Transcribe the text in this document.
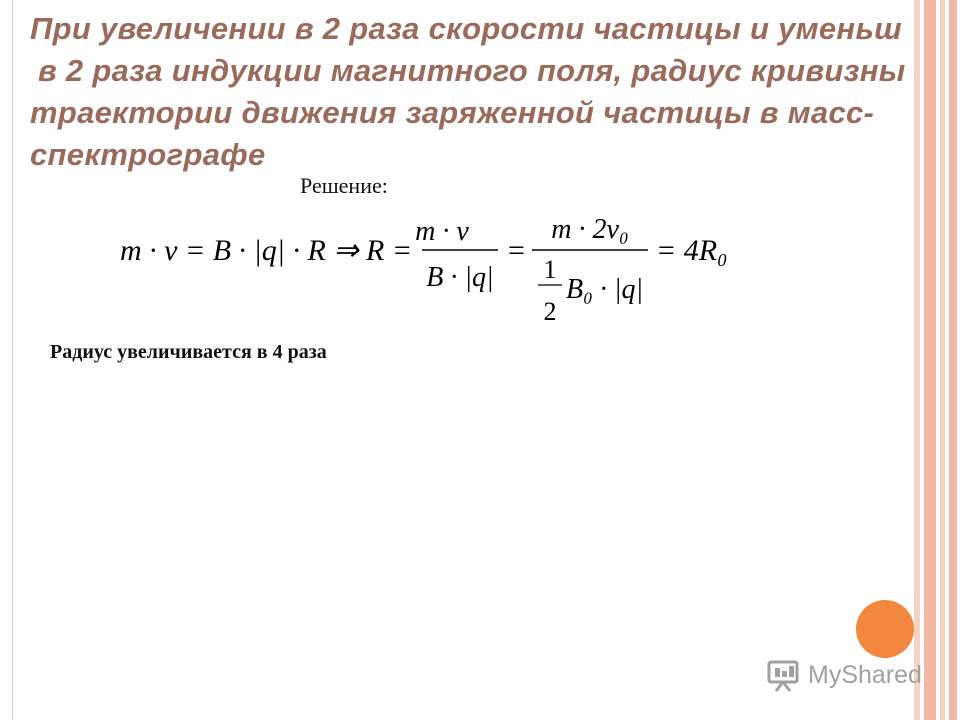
При увеличении в 2 раза скорости частицы и уменьш
в 2 раза индукции магнитного поля, радиус кривизны
траектории движения заряженной частицы в масс-
спектрографе
Решение:
m · v = B · |q| · R ⇒ R =
m · v
B · |q|
=
m · 2v₀
1
2
B₀ · |q|
= 4R₀
Радиус увеличивается в 4 раза
MyShared
